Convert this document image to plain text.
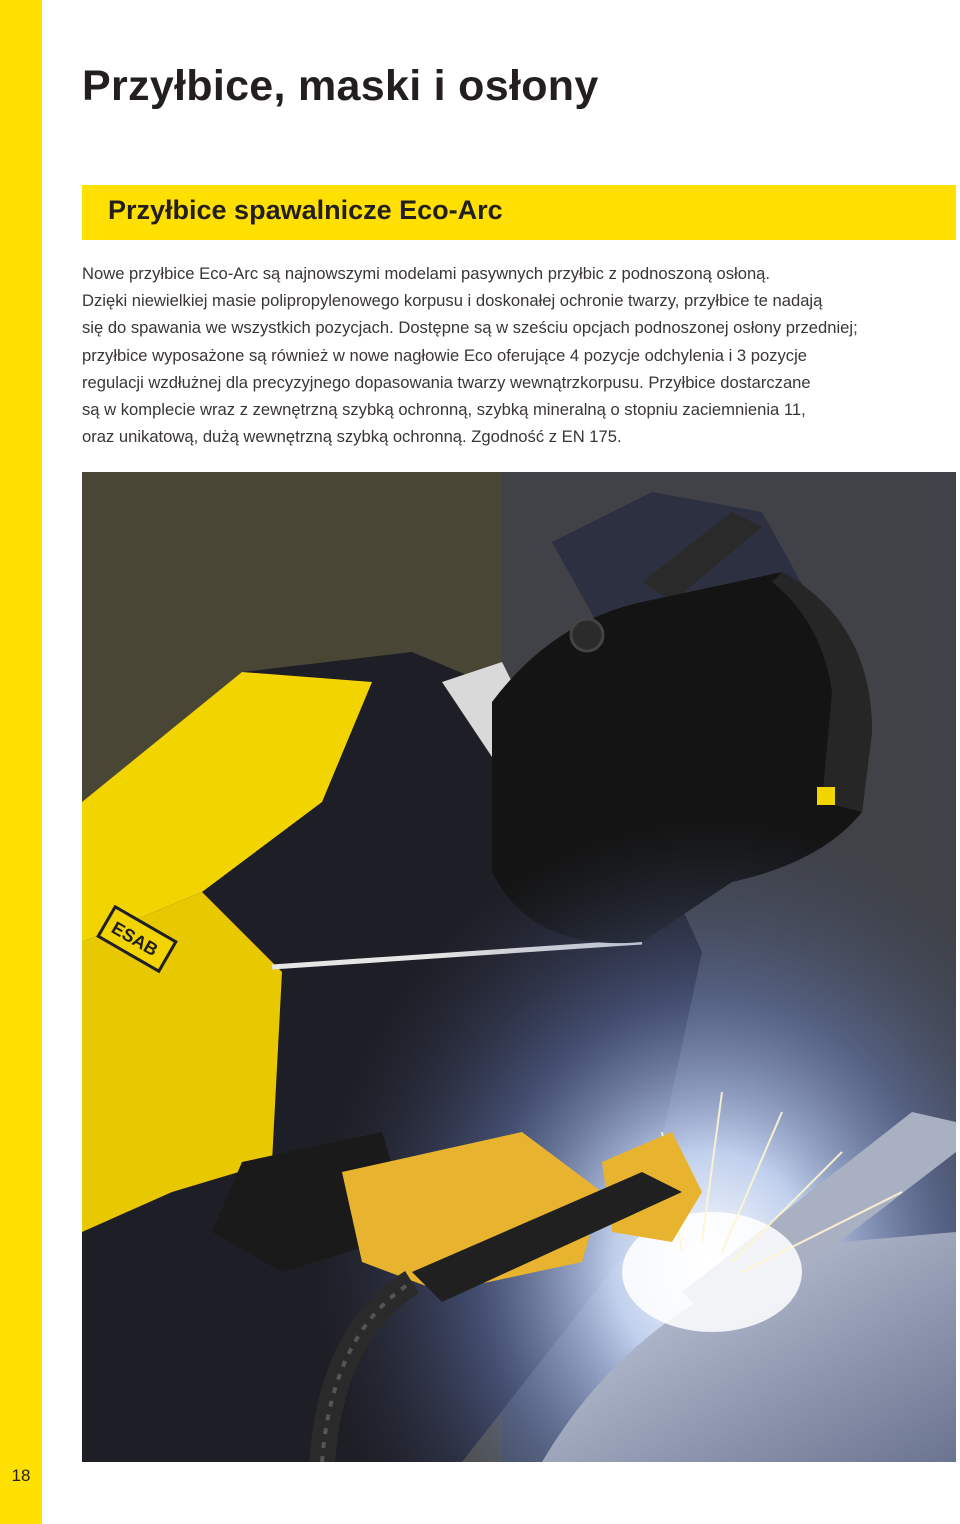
18
Przyłbice, maski i osłony
Przyłbice spawalnicze Eco-Arc

Nowe przyłbice Eco-Arc są najnowszymi modelami pasywnych przyłbic z podnoszoną osłoną.
Dzięki niewielkiej masie polipropylenowego korpusu i doskonałej ochronie twarzy, przyłbice te nadają
się do spawania we wszystkich pozycjach. Dostępne są w sześciu opcjach podnoszonej osłony przedniej;
przyłbice wyposażone są również w nowe nagłowie Eco oferujące 4 pozycje odchylenia i 3 pozycje
regulacji wzdłużnej dla precyzyjnego dopasowania twarzy wewnątrzkorpusu. Przyłbice dostarczane
są w komplecie wraz z zewnętrzną szybką ochronną, szybką mineralną o stopniu zaciemnienia 11,
oraz unikatową, dużą wewnętrzną szybką ochronną. Zgodność z EN 175.
